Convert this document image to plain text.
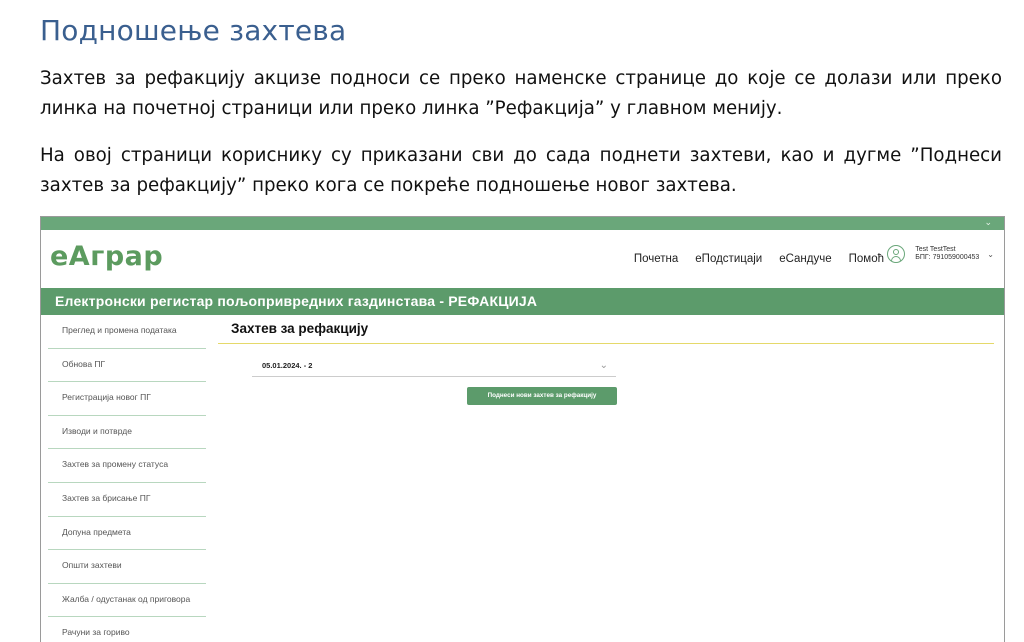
Подношење захтева

Захтев за рефакцију акцизе подноси се преко наменске странице до које се долази или преко линка на почетној страници или преко линка ”Рефакција” у главном менију.

На овој страници кориснику су приказани сви до сада поднети захтеви, као и дугме ”Поднеси захтев за рефакцију” преко кога се покреће подношење новог захтева.

⌄
еАграр	Почетна еПодстицаји еСандуче Помоћ
Test TestTest
БПГ: 791059000453 ⌄
Електронски регистар пољопривредних газдинстава - РЕФАКЦИЈА
Преглед и промена података
Обнова ПГ
Регистрација новог ПГ
Изводи и потврде
Захтев за промену статуса
Захтев за брисање ПГ
Допуна предмета
Општи захтеви
Жалба / одустанак од приговора
Рачуни за гориво
Захтев за рефакцију
05.01.2024. - 2	⌄
Поднеси нови захтев за рефакцију
